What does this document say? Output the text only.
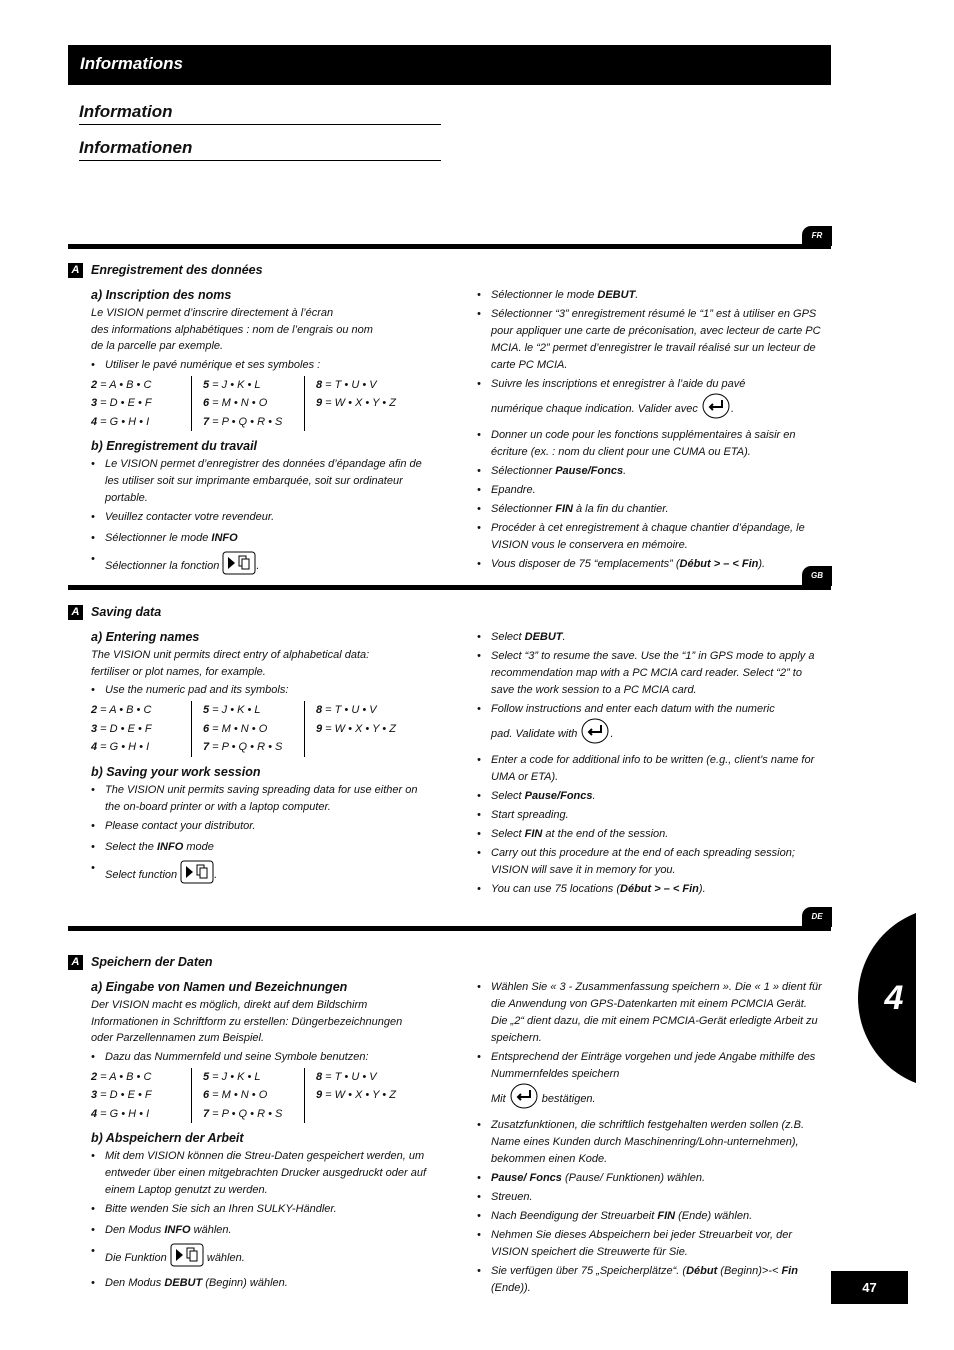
Informations
Information
Informationen
FR
A Enregistrement des données
a) Inscription des noms

Le VISION permet d’inscrire directement à l’écran

des informations alphabétiques : nom de l’engrais ou nom

de la parcelle par exemple.

• Utiliser le pavé numérique et ses symboles :
2 = A • B • C	5 = J • K • L	8 = T • U • V
3 = D • E • F	6 = M • N • O	9 = W • X • Y • Z
4 = G • H • I	7 = P • Q • R • S
b) Enregistrement du travail
• Le VISION permet d’enregistrer des données d’épandage afin de les utiliser soit sur imprimante embarquée, soit sur ordinateur portable.
• Veuillez contacter votre revendeur.
• Sélectionner le mode INFO
• Sélectionner la fonction	.
• Sélectionner le mode DEBUT.
• Sélectionner “3” enregistrement résumé le “1” est à utiliser en GPS pour appliquer une carte de préconisation, avec lecteur de carte PC MCIA. le “2” permet d’enregistrer le travail réalisé sur un lecteur de carte PC MCIA.
• Suivre les inscriptions et enregistrer à l’aide du pavé
numérique chaque indication. Valider avec	.
• Donner un code pour les fonctions supplémentaires à saisir en écriture (ex. : nom du client pour une CUMA ou ETA).
• Sélectionner Pause/Foncs.
• Epandre.
• Sélectionner FIN à la fin du chantier.
• Procéder à cet enregistrement à chaque chantier d’épandage, le VISION vous le conservera en mémoire.
• Vous disposer de 75 “emplacements” (Début > – < Fin).
GB
A Saving data
a) Entering names

The VISION unit permits direct entry of alphabetical data:

fertiliser or plot names, for example.

• Use the numeric pad and its symbols:
2 = A • B • C	5 = J • K • L	8 = T • U • V
3 = D • E • F	6 = M • N • O	9 = W • X • Y • Z
4 = G • H • I	7 = P • Q • R • S
b) Saving your work session
• The VISION unit permits saving spreading data for use either on the on-board printer or with a laptop computer.
• Please contact your distributor.
• Select the INFO mode
• Select function	.
• Select DEBUT.
• Select “3” to resume the save. Use the “1” in GPS mode to apply a recommendation map with a PC MCIA card reader. Select “2” to save the work session to a PC MCIA card.
• Follow instructions and enter each datum with the numeric
pad. Validate with	.
• Enter a code for additional info to be written (e.g., client’s name for UMA or ETA).
• Select Pause/Foncs.
• Start spreading.
• Select FIN at the end of the session.
• Carry out this procedure at the end of each spreading session; VISION will save it in memory for you.
• You can use 75 locations (Début > – < Fin).
DE
A Speichern der Daten
a) Eingabe von Namen und Bezeichnungen

Der VISION macht es möglich, direkt auf dem Bildschirm

Informationen in Schriftform zu erstellen: Düngerbezeichnungen

oder Parzellennamen zum Beispiel.

• Dazu das Nummernfeld und seine Symbole benutzen:
2 = A • B • C	5 = J • K • L	8 = T • U • V
3 = D • E • F	6 = M • N • O	9 = W • X • Y • Z
4 = G • H • I	7 = P • Q • R • S
b) Abspeichern der Arbeit
• Mit dem VISION können die Streu-Daten gespeichert werden, um entweder über einen mitgebrachten Drucker ausgedruckt oder auf einem Laptop genutzt zu werden.
• Bitte wenden Sie sich an Ihren SULKY-Händler.
• Den Modus INFO wählen.
• Die Funktion	wählen.
• Den Modus DEBUT (Beginn) wählen.
• Wählen Sie « 3 - Zusammenfassung speichern ». Die « 1 » dient für die Anwendung von GPS-Datenkarten mit einem PCMCIA Gerät. Die „2“ dient dazu, die mit einem PCMCIA-Gerät erledigte Arbeit zu speichern.
• Entsprechend der Einträge vorgehen und jede Angabe mithilfe des Nummernfeldes speichern
Mit	bestätigen.
• Zusatzfunktionen, die schriftlich festgehalten werden sollen (z.B. Name eines Kunden durch Maschinenring/Lohn-unternehmen), bekommen einen Kode.
• Pause/ Foncs (Pause/ Funktionen) wählen.
• Streuen.
• Nach Beendigung der Streuarbeit FIN (Ende) wählen.
• Nehmen Sie dieses Abspeichern bei jeder Streuarbeit vor, der VISION speichert die Streuwerte für Sie.
• Sie verfügen über 75 „Speicherplätze“. (Début (Beginn)>-< Fin (Ende)).
4
47
